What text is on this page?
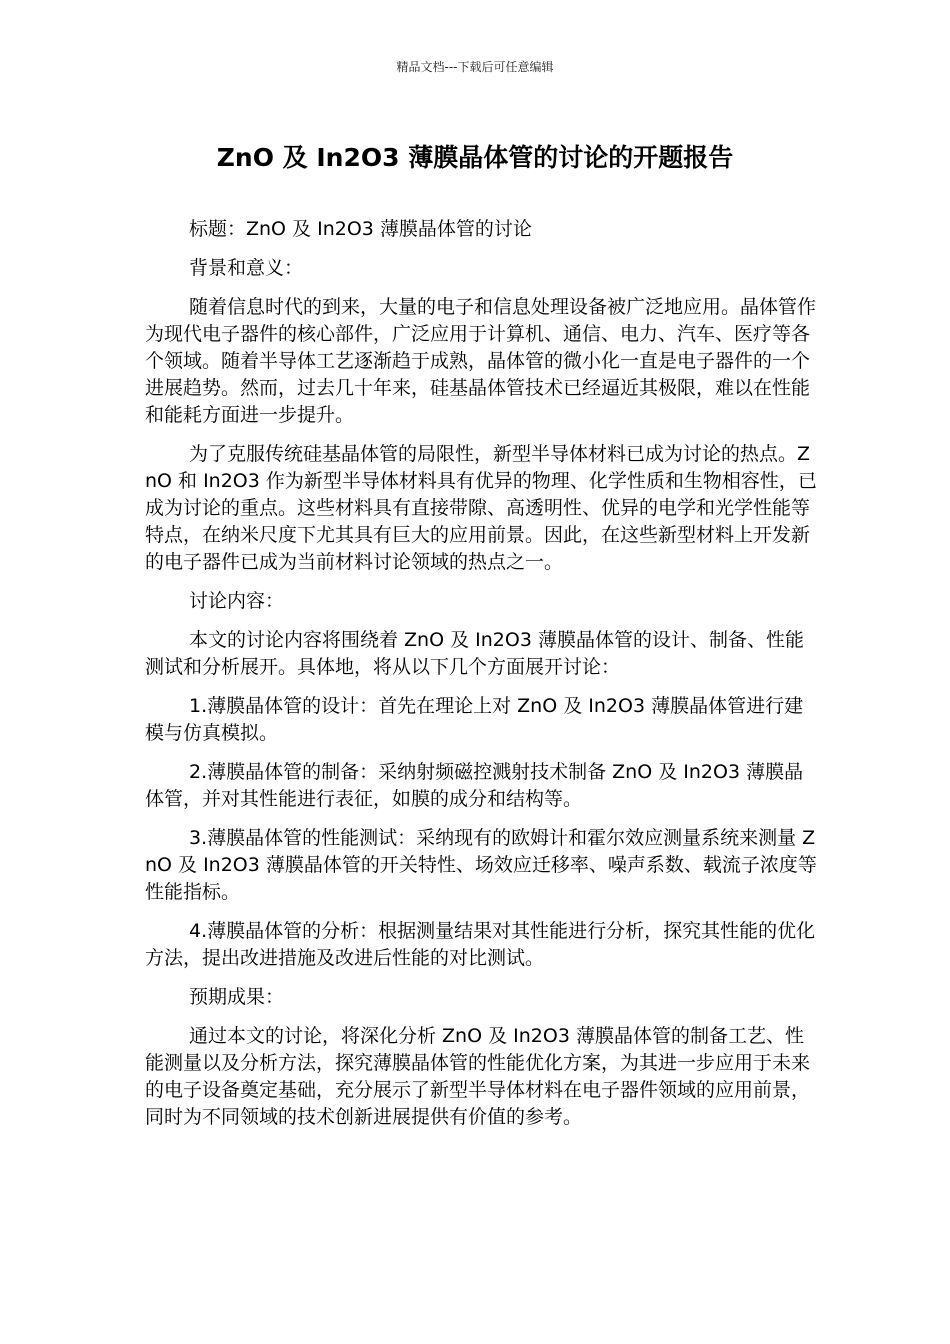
精品文档---下载后可任意编辑
ZnO 及 In2O3 薄膜晶体管的讨论的开题报告

标题：ZnO 及 In2O3 薄膜晶体管的讨论

背景和意义：

随着信息时代的到来，大量的电子和信息处理设备被广泛地应用。晶体管作为现代电子器件的核心部件，广泛应用于计算机、通信、电力、汽车、医疗等各个领域。随着半导体工艺逐渐趋于成熟，晶体管的微小化一直是电子器件的一个进展趋势。然而，过去几十年来，硅基晶体管技术已经逼近其极限，难以在性能和能耗方面进一步提升。

为了克服传统硅基晶体管的局限性，新型半导体材料已成为讨论的热点。ZnO 和 In2O3 作为新型半导体材料具有优异的物理、化学性质和生物相容性，已成为讨论的重点。这些材料具有直接带隙、高透明性、优异的电学和光学性能等特点，在纳米尺度下尤其具有巨大的应用前景。因此，在这些新型材料上开发新的电子器件已成为当前材料讨论领域的热点之一。

讨论内容：

本文的讨论内容将围绕着 ZnO 及 In2O3 薄膜晶体管的设计、制备、性能测试和分析展开。具体地，将从以下几个方面展开讨论：

1.薄膜晶体管的设计：首先在理论上对 ZnO 及 In2O3 薄膜晶体管进行建模与仿真模拟。

2.薄膜晶体管的制备：采纳射频磁控溅射技术制备 ZnO 及 In2O3 薄膜晶体管，并对其性能进行表征，如膜的成分和结构等。

3.薄膜晶体管的性能测试：采纳现有的欧姆计和霍尔效应测量系统来测量 ZnO 及 In2O3 薄膜晶体管的开关特性、场效应迁移率、噪声系数、载流子浓度等性能指标。

4.薄膜晶体管的分析：根据测量结果对其性能进行分析，探究其性能的优化方法，提出改进措施及改进后性能的对比测试。

预期成果：

通过本文的讨论，将深化分析 ZnO 及 In2O3 薄膜晶体管的制备工艺、性能测量以及分析方法，探究薄膜晶体管的性能优化方案，为其进一步应用于未来的电子设备奠定基础，充分展示了新型半导体材料在电子器件领域的应用前景，同时为不同领域的技术创新进展提供有价值的参考。
